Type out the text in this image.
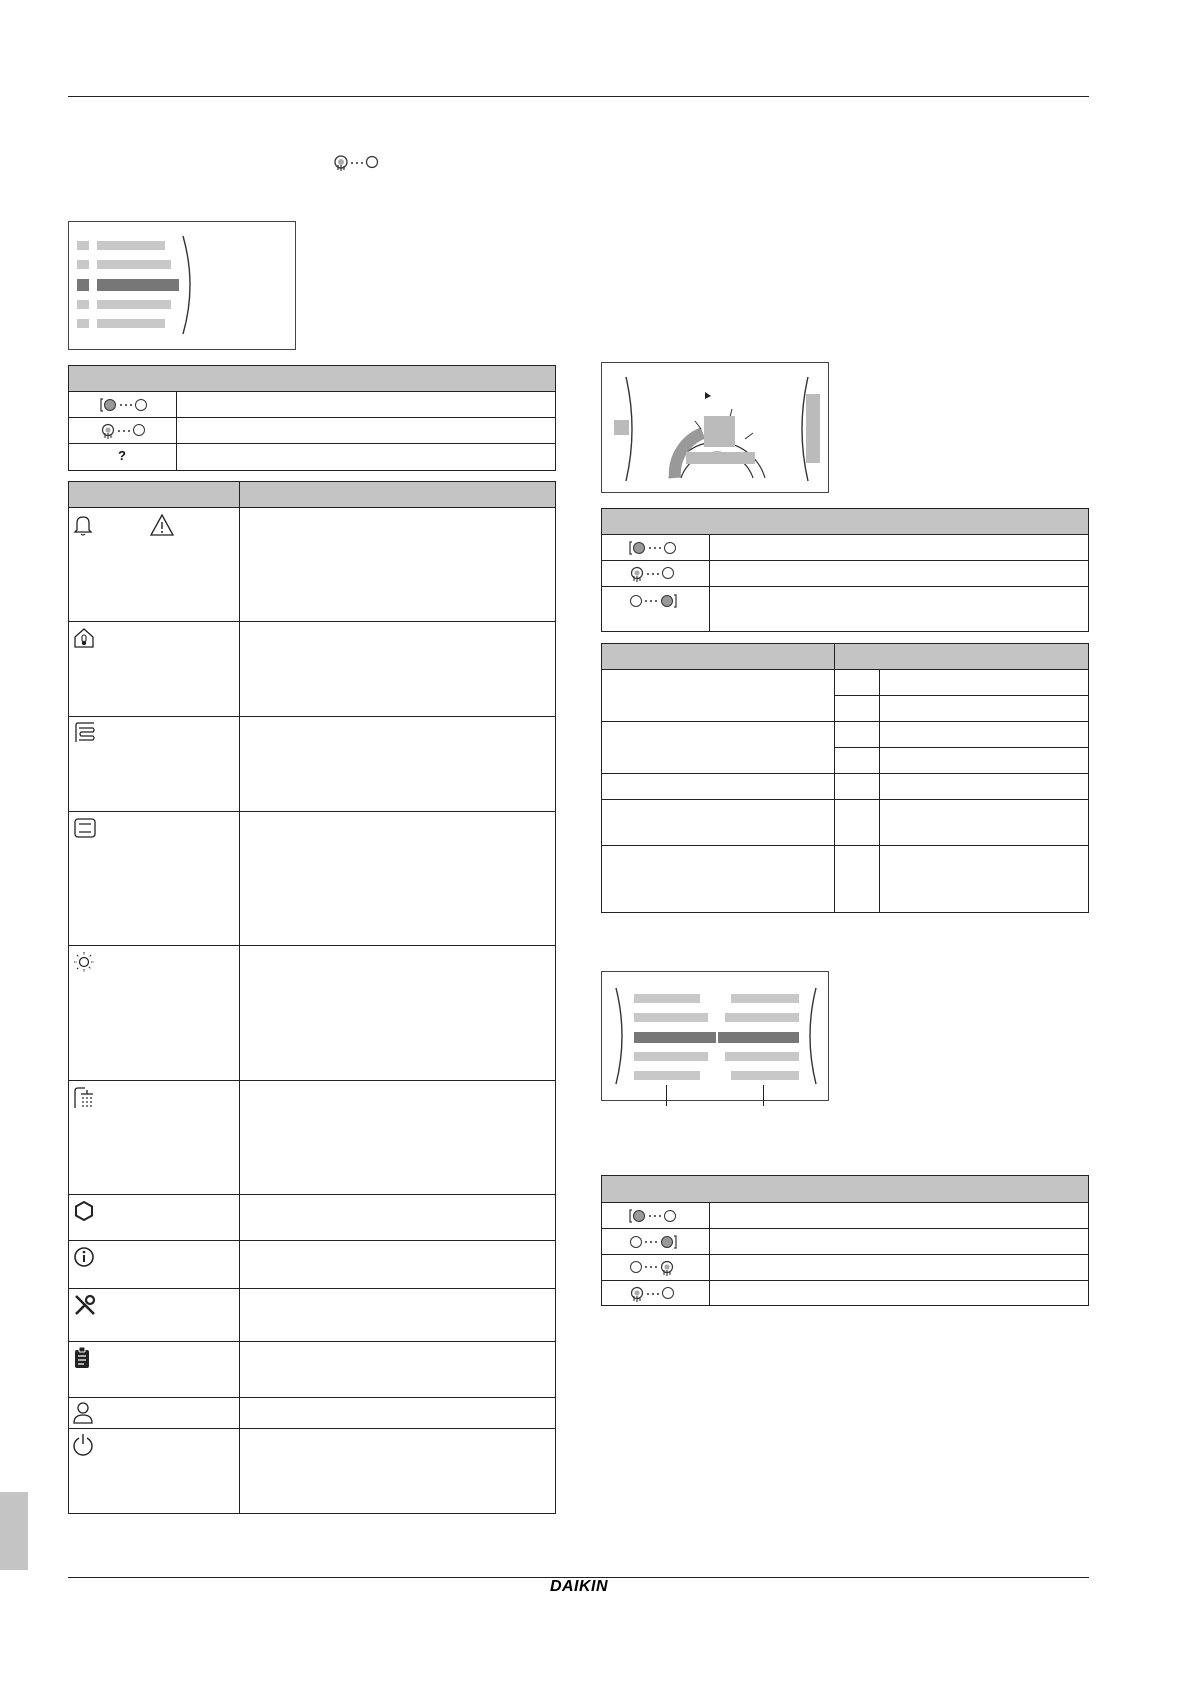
?
DAIKIN
